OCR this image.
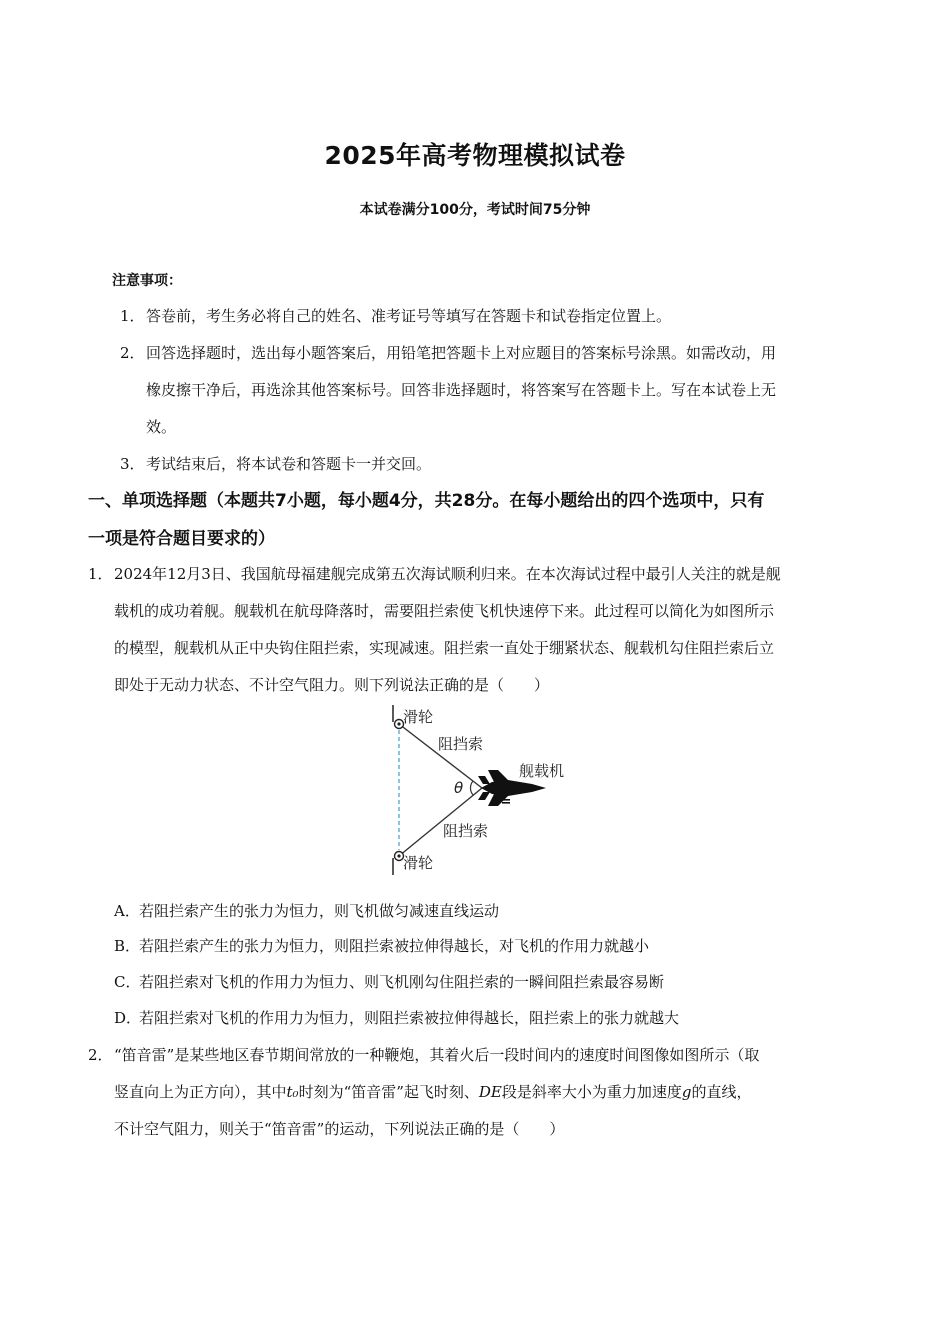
2025年高考物理模拟试卷
本试卷满分100分，考试时间75分钟
注意事项：
1． 答卷前，考生务必将自己的姓名、准考证号等填写在答题卡和试卷指定位置上。
2． 回答选择题时，选出每小题答案后，用铅笔把答题卡上对应题目的答案标号涂黑。如需改动，用
橡皮擦干净后，再选涂其他答案标号。回答非选择题时，将答案写在答题卡上。写在本试卷上无
效。
3． 考试结束后，将本试卷和答题卡一并交回。
一、单项选择题（本题共7小题，每小题4分，共28分。在每小题给出的四个选项中，只有
一项是符合题目要求的）
1． 2024年12月3日、我国航母福建舰完成第五次海试顺利归来。在本次海试过程中最引人关注的就是舰
载机的成功着舰。舰载机在航母降落时，需要阻拦索使飞机快速停下来。此过程可以简化为如图所示
的模型，舰载机从正中央钩住阻拦索，实现减速。阻拦索一直处于绷紧状态、舰载机勾住阻拦索后立
即处于无动力状态、不计空气阻力。则下列说法正确的是（　　）
滑轮
滑轮
阻挡索
阻挡索
舰载机
θ
A． 若阻拦索产生的张力为恒力，则飞机做匀减速直线运动
B．
若阻拦索产生的张力为恒力，则阻拦索被拉伸得越长，对飞机的作用力就越小
C．
若阻拦索对飞机的作用力为恒力、则飞机刚勾住阻拦索的一瞬间阻拦索最容易断
D．
若阻拦索对飞机的作用力为恒力，则阻拦索被拉伸得越长，阻拦索上的张力就越大
2． “笛音雷”是某些地区春节期间常放的一种鞭炮，其着火后一段时间内的速度时间图像如图所示（取
竖直向上为正方向），其中t₀时刻为“笛音雷”起飞时刻、DE段是斜率大小为重力加速度g的直线，
不计空气阻力，则关于“笛音雷”的运动，下列说法正确的是（　　）
